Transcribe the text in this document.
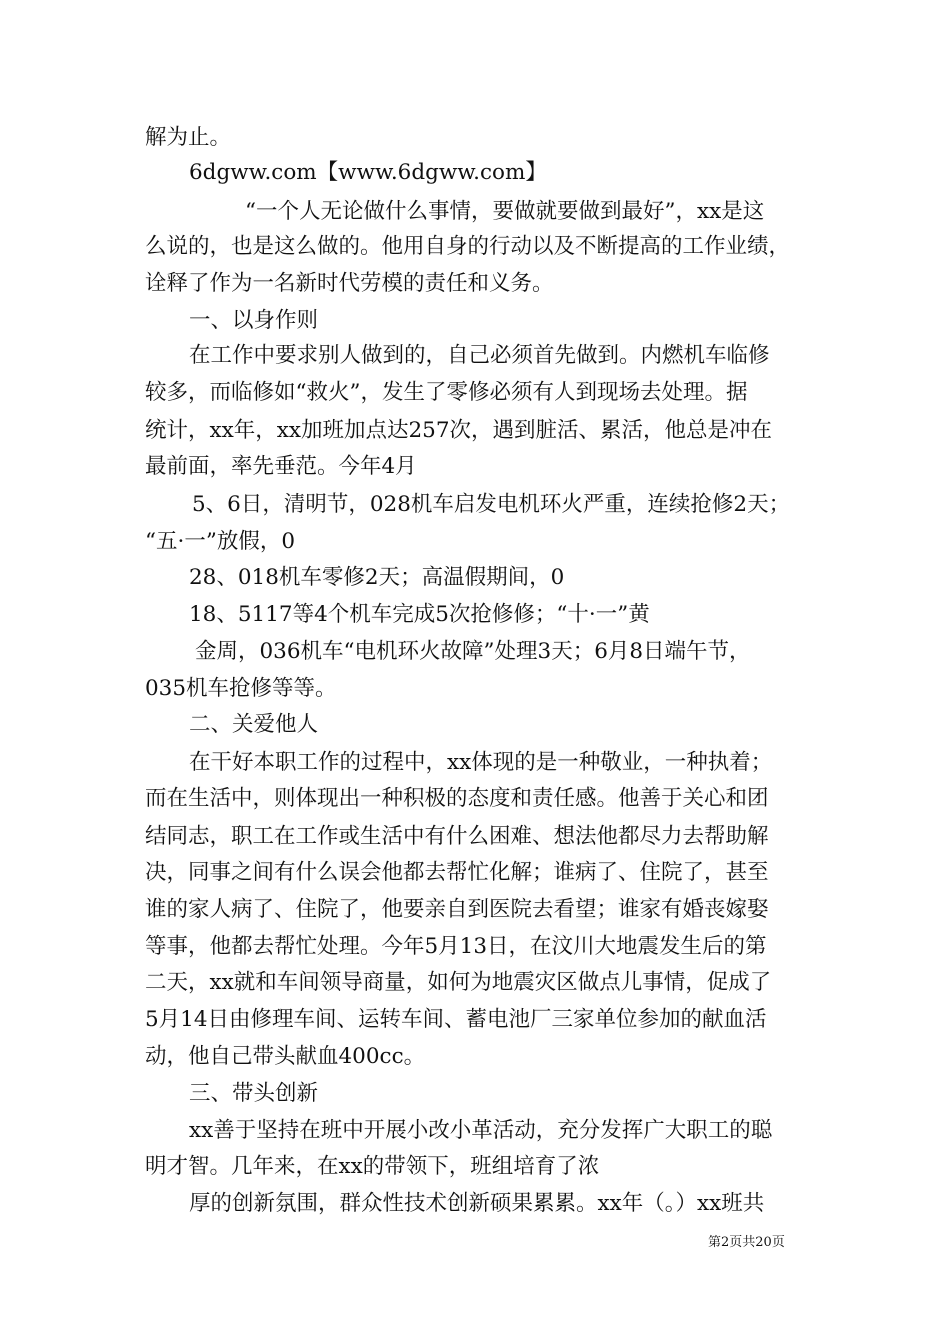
解为止。
6dgww.com【www.6dgww.com】
“一个人无论做什么事情，要做就要做到最好”，xx是这
么说的，也是这么做的。他用自身的行动以及不断提高的工作业绩，
诠释了作为一名新时代劳模的责任和义务。
一、以身作则
在工作中要求别人做到的，自己必须首先做到。内燃机车临修
较多，而临修如“救火”，发生了零修必须有人到现场去处理。据
统计，xx年，xx加班加点达257次，遇到脏活、累活，他总是冲在
最前面，率先垂范。今年4月
5、6日，清明节，028机车启发电机环火严重，连续抢修2天；
“五·一”放假，0
28、018机车零修2天；高温假期间，0
18、5117等4个机车完成5次抢修修；“十·一”黄
金周，036机车“电机环火故障”处理3天；6月8日端午节，
035机车抢修等等。
二、关爱他人
在干好本职工作的过程中，xx体现的是一种敬业，一种执着；
而在生活中，则体现出一种积极的态度和责任感。他善于关心和团
结同志，职工在工作或生活中有什么困难、想法他都尽力去帮助解
决，同事之间有什么误会他都去帮忙化解；谁病了、住院了，甚至
谁的家人病了、住院了，他要亲自到医院去看望；谁家有婚丧嫁娶
等事，他都去帮忙处理。今年5月13日，在汶川大地震发生后的第
二天，xx就和车间领导商量，如何为地震灾区做点儿事情，促成了
5月14日由修理车间、运转车间、蓄电池厂三家单位参加的献血活
动，他自己带头献血400cc。
三、带头创新
xx善于坚持在班中开展小改小革活动，充分发挥广大职工的聪
明才智。几年来，在xx的带领下，班组培育了浓
厚的创新氛围，群众性技术创新硕果累累。xx年（。）xx班共
第2页共20页
